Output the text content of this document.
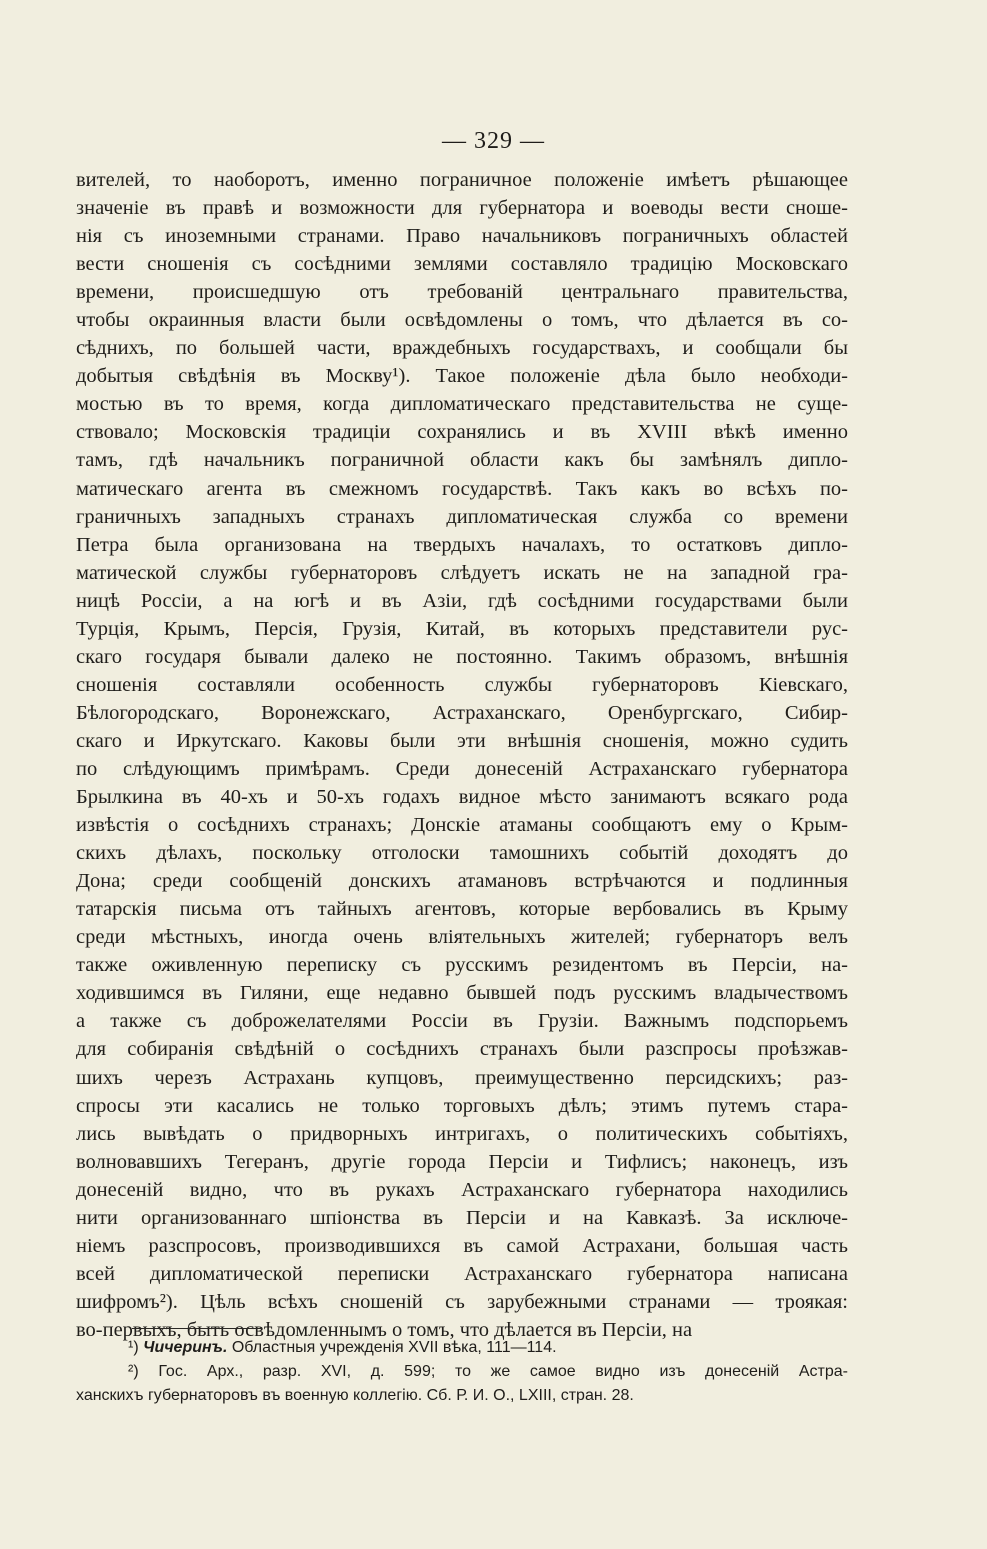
— 329 —
вителей, то наоборотъ, именно пограничное положеніе имѣетъ рѣшающее
значеніе въ правѣ и возможности для губернатора и воеводы вести сноше-
нія съ иноземными странами. Право начальниковъ пограничныхъ областей
вести сношенія съ сосѣдними землями составляло традицію Московскаго
времени, происшедшую отъ требованій центральнаго правительства,
чтобы окраинныя власти были освѣдомлены о томъ, что дѣлается въ со-
сѣднихъ, по большей части, враждебныхъ государствахъ, и сообщали бы
добытыя свѣдѣнія въ Москву¹). Такое положеніе дѣла было необходи-
мостью въ то время, когда дипломатическаго представительства не суще-
ствовало; Московскія традиціи сохранялись и въ XVIII вѣкѣ именно
тамъ, гдѣ начальникъ пограничной области какъ бы замѣнялъ дипло-
матическаго агента въ смежномъ государствѣ. Такъ какъ во всѣхъ по-
граничныхъ западныхъ странахъ дипломатическая служба со времени
Петра была организована на твердыхъ началахъ, то остатковъ дипло-
матической службы губернаторовъ слѣдуетъ искать не на западной гра-
ницѣ Россіи, а на югѣ и въ Азіи, гдѣ сосѣдними государствами были
Турція, Крымъ, Персія, Грузія, Китай, въ которыхъ представители рус-
скаго государя бывали далеко не постоянно. Такимъ образомъ, внѣшнія
сношенія составляли особенность службы губернаторовъ Кіевскаго,
Бѣлогородскаго, Воронежскаго, Астраханскаго, Оренбургскаго, Сибир-
скаго и Иркутскаго. Каковы были эти внѣшнія сношенія, можно судить
по слѣдующимъ примѣрамъ. Среди донесеній Астраханскаго губернатора
Брылкина въ 40-хъ и 50-хъ годахъ видное мѣсто занимаютъ всякаго рода
извѣстія о сосѣднихъ странахъ; Донскіе атаманы сообщаютъ ему о Крым-
скихъ дѣлахъ, поскольку отголоски тамошнихъ событій доходятъ до
Дона; среди сообщеній донскихъ атамановъ встрѣчаются и подлинныя
татарскія письма отъ тайныхъ агентовъ, которые вербовались въ Крыму
среди мѣстныхъ, иногда очень вліятельныхъ жителей; губернаторъ велъ
также оживленную переписку съ русскимъ резидентомъ въ Персіи, на-
ходившимся въ Гиляни, еще недавно бывшей подъ русскимъ владычествомъ
а также съ доброжелателями Россіи въ Грузіи. Важнымъ подспорьемъ
для собиранія свѣдѣній о сосѣднихъ странахъ были разспросы проѣзжав-
шихъ черезъ Астрахань купцовъ, преимущественно персидскихъ; раз-
спросы эти касались не только торговыхъ дѣлъ; этимъ путемъ стара-
лись вывѣдать о придворныхъ интригахъ, о политическихъ событіяхъ,
волновавшихъ Тегеранъ, другіе города Персіи и Тифлисъ; наконецъ, изъ
донесеній видно, что въ рукахъ Астраханскаго губернатора находились
нити организованнаго шпіонства въ Персіи и на Кавказѣ. За исключе-
ніемъ разспросовъ, производившихся въ самой Астрахани, большая часть
всей дипломатической переписки Астраханскаго губернатора написана
шифромъ²). Цѣль всѣхъ сношеній съ зарубежными странами — троякая:
во-первыхъ, быть освѣдомленнымъ о томъ, что дѣлается въ Персіи, на
¹) Чичеринъ. Областныя учрежденія XVII вѣка, 111—114.
²) Гос. Арх., разр. XVI, д. 599; то же самое видно изъ донесеній Астра-
ханскихъ губернаторовъ въ военную коллегію. Сб. Р. И. О., LXIII, стран. 28.
